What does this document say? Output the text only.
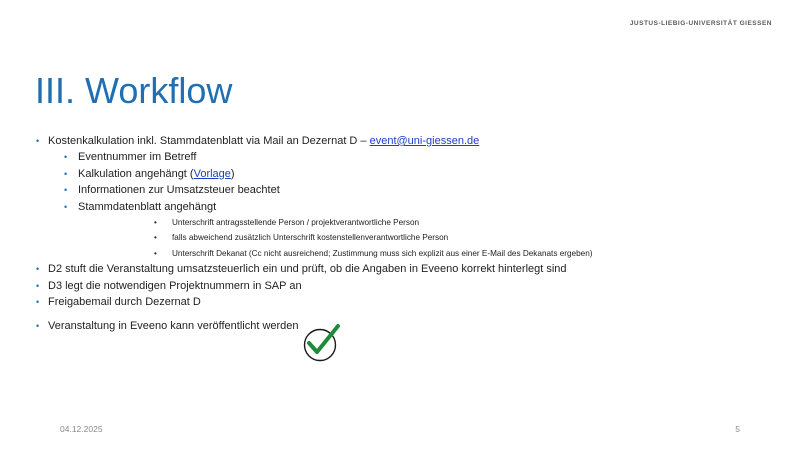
JUSTUS-LIEBIG-UNIVERSITÄT GIESSEN
III. Workflow
• Kostenkalkulation inkl. Stammdatenblatt via Mail an Dezernat D – event@uni-giessen.de
• Eventnummer im Betreff
• Kalkulation angehängt (Vorlage)
• Informationen zur Umsatzsteuer beachtet
• Stammdatenblatt angehängt
• Unterschrift antragsstellende Person / projektverantwortliche Person
• falls abweichend zusätzlich Unterschrift kostenstellenverantwortliche Person
• Unterschrift Dekanat (Cc nicht ausreichend; Zustimmung muss sich explizit aus einer E-Mail des Dekanats ergeben)
• D2 stuft die Veranstaltung umsatzsteuerlich ein und prüft, ob die Angaben in Eveeno korrekt hinterlegt sind
• D3 legt die notwendigen Projektnummern in SAP an
• Freigabemail durch Dezernat D
• Veranstaltung in Eveeno kann veröffentlicht werden
04.12.2025	5
